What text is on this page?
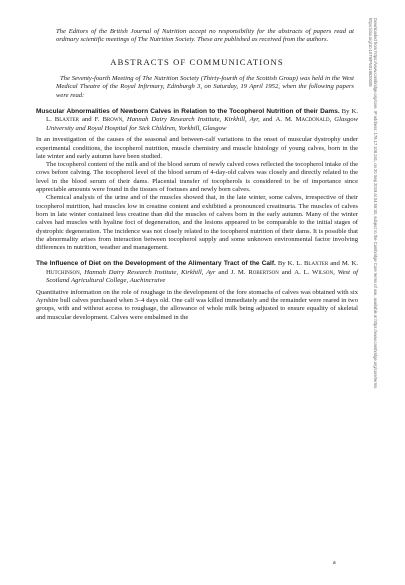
Downloaded from https://www.cambridge.org/core. IP address: 178.17.108.241, on 20 Sep 2019 at 04:55:30, subject to the Cambridge Core terms of use, available at https://www.cambridge.org/core/terms.
https://doi.org/10.1079/PNS19520008

The Editors of the British Journal of Nutrition accept no responsibility for the abstracts of papers read at ordinary scientific meetings of The Nutrition Society. These are published as received from the authors.

ABSTRACTS OF COMMUNICATIONS

The Seventy-fourth Meeting of The Nutrition Society (Thirty-fourth of the Scottish Group) was held in the West Medical Theatre of the Royal Infirmary, Edinburgh 3, on Saturday, 19 April 1952, when the following papers were read:

Muscular Abnormalities of Newborn Calves in Relation to the Tocopherol Nutrition of their Dams. By K. L. Blaxter and F. Brown, Hannah Dairy Research Institute, Kirkhill, Ayr, and A. M. Macdonald, Glasgow University and Royal Hospital for Sick Children, Yorkhill, Glasgow

In an investigation of the causes of the seasonal and between-calf variations in the onset of muscular dystrophy under experimental conditions, the tocopherol nutrition, muscle chemistry and muscle histology of young calves, born in the late winter and early autumn have been studied.

The tocopherol content of the milk and of the blood serum of newly calved cows reflected the tocopherol intake of the cows before calving. The tocopherol level of the blood serum of 4-day-old calves was closely and directly related to the level in the blood serum of their dams. Placental transfer of tocopherols is considered to be of importance since appreciable amounts were found in the tissues of foetuses and newly born calves.

Chemical analysis of the urine and of the muscles showed that, in the late winter, some calves, irrespective of their tocopherol nutrition, had muscles low in creatine content and exhibited a pronounced creatinuria. The muscles of calves born in late winter contained less creatine than did the muscles of calves born in the early autumn. Many of the winter calves had muscles with hyaline foci of degeneration, and the lesions appeared to be comparable to the initial stages of dystrophic degeneration. The incidence was not closely related to the tocopherol nutrition of their dams. It is possible that the abnormality arises from interaction between tocopherol supply and some unknown environmental factor involving differences in nutrition, weather and management.

The Influence of Diet on the Development of the Alimentary Tract of the Calf. By K. L. Blaxter and M. K. Hutchinson, Hannah Dairy Research Institute, Kirkhill, Ayr and J. M. Robertson and A. L. Wilson, West of Scotland Agricultural College, Auchincruive

Quantitative information on the role of roughage in the development of the fore stomachs of calves was obtained with six Ayrshire bull calves purchased when 3–4 days old. One calf was killed immediately and the remainder were reared in two groups, with and without access to roughage, the allowance of whole milk being adjusted to ensure equality of skeletal and muscular development. Calves were embalmed in the

a
